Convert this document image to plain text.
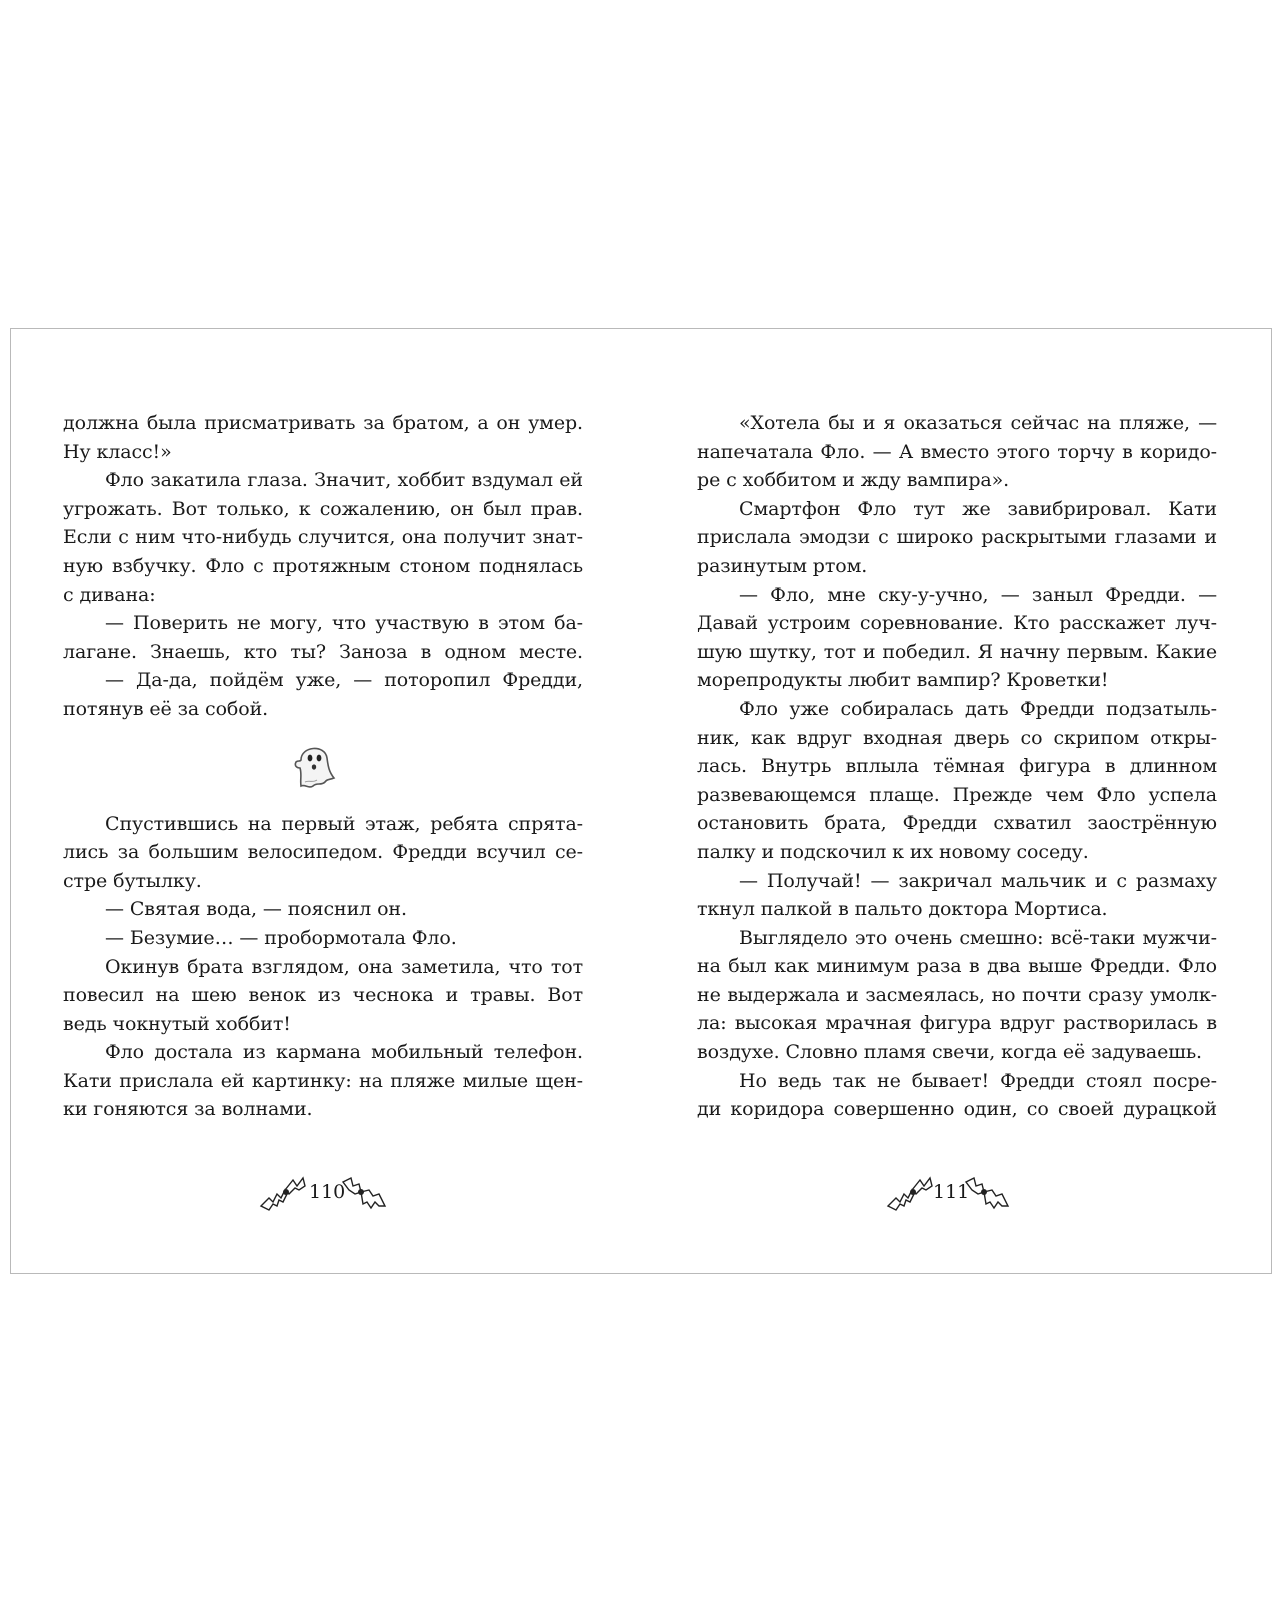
должна была присматривать за братом, а он умер.
Ну класс!»
Фло закатила глаза. Значит, хоббит вздумал ей
угрожать. Вот только, к сожалению, он был прав.
Если с ним что-нибудь случится, она получит знат-
ную взбучку. Фло с протяжным стоном поднялась
с дивана:
— Поверить не могу, что участвую в этом ба-
лагане. Знаешь, кто ты? Заноза в одном месте.
— Да-да, пойдём уже, — поторопил Фредди,
потянув её за собой.
Спустившись на первый этаж, ребята спрята-
лись за большим велосипедом. Фредди всучил се-
стре бутылку.
— Святая вода, — пояснил он.
— Безумие… — пробормотала Фло.
Окинув брата взглядом, она заметила, что тот
повесил на шею венок из чеснока и травы. Вот
ведь чокнутый хоббит!
Фло достала из кармана мобильный телефон.
Кати прислала ей картинку: на пляже милые щен-
ки гоняются за волнами.
«Хотела бы и я оказаться сейчас на пляже, —
напечатала Фло. — А вместо этого торчу в коридо-
ре с хоббитом и жду вампира».
Смартфон Фло тут же завибрировал. Кати
прислала эмодзи с широко раскрытыми глазами и
разинутым ртом.
— Фло, мне ску-у-учно, — заныл Фредди. —
Давай устроим соревнование. Кто расскажет луч-
шую шутку, тот и победил. Я начну первым. Какие
морепродукты любит вампир? Кроветки!
Фло уже собиралась дать Фредди подзатыль-
ник, как вдруг входная дверь со скрипом откры-
лась. Внутрь вплыла тёмная фигура в длинном
развевающемся плаще. Прежде чем Фло успела
остановить брата, Фредди схватил заострённую
палку и подскочил к их новому соседу.
— Получай! — закричал мальчик и с размаху
ткнул палкой в пальто доктора Мортиса.
Выглядело это очень смешно: всё-таки мужчи-
на был как минимум раза в два выше Фредди. Фло
не выдержала и засмеялась, но почти сразу умолк-
ла: высокая мрачная фигура вдруг растворилась в
воздухе. Словно пламя свечи, когда её задуваешь.
Но ведь так не бывает! Фредди стоял посре-
ди коридора совершенно один, со своей дурацкой
110	111
